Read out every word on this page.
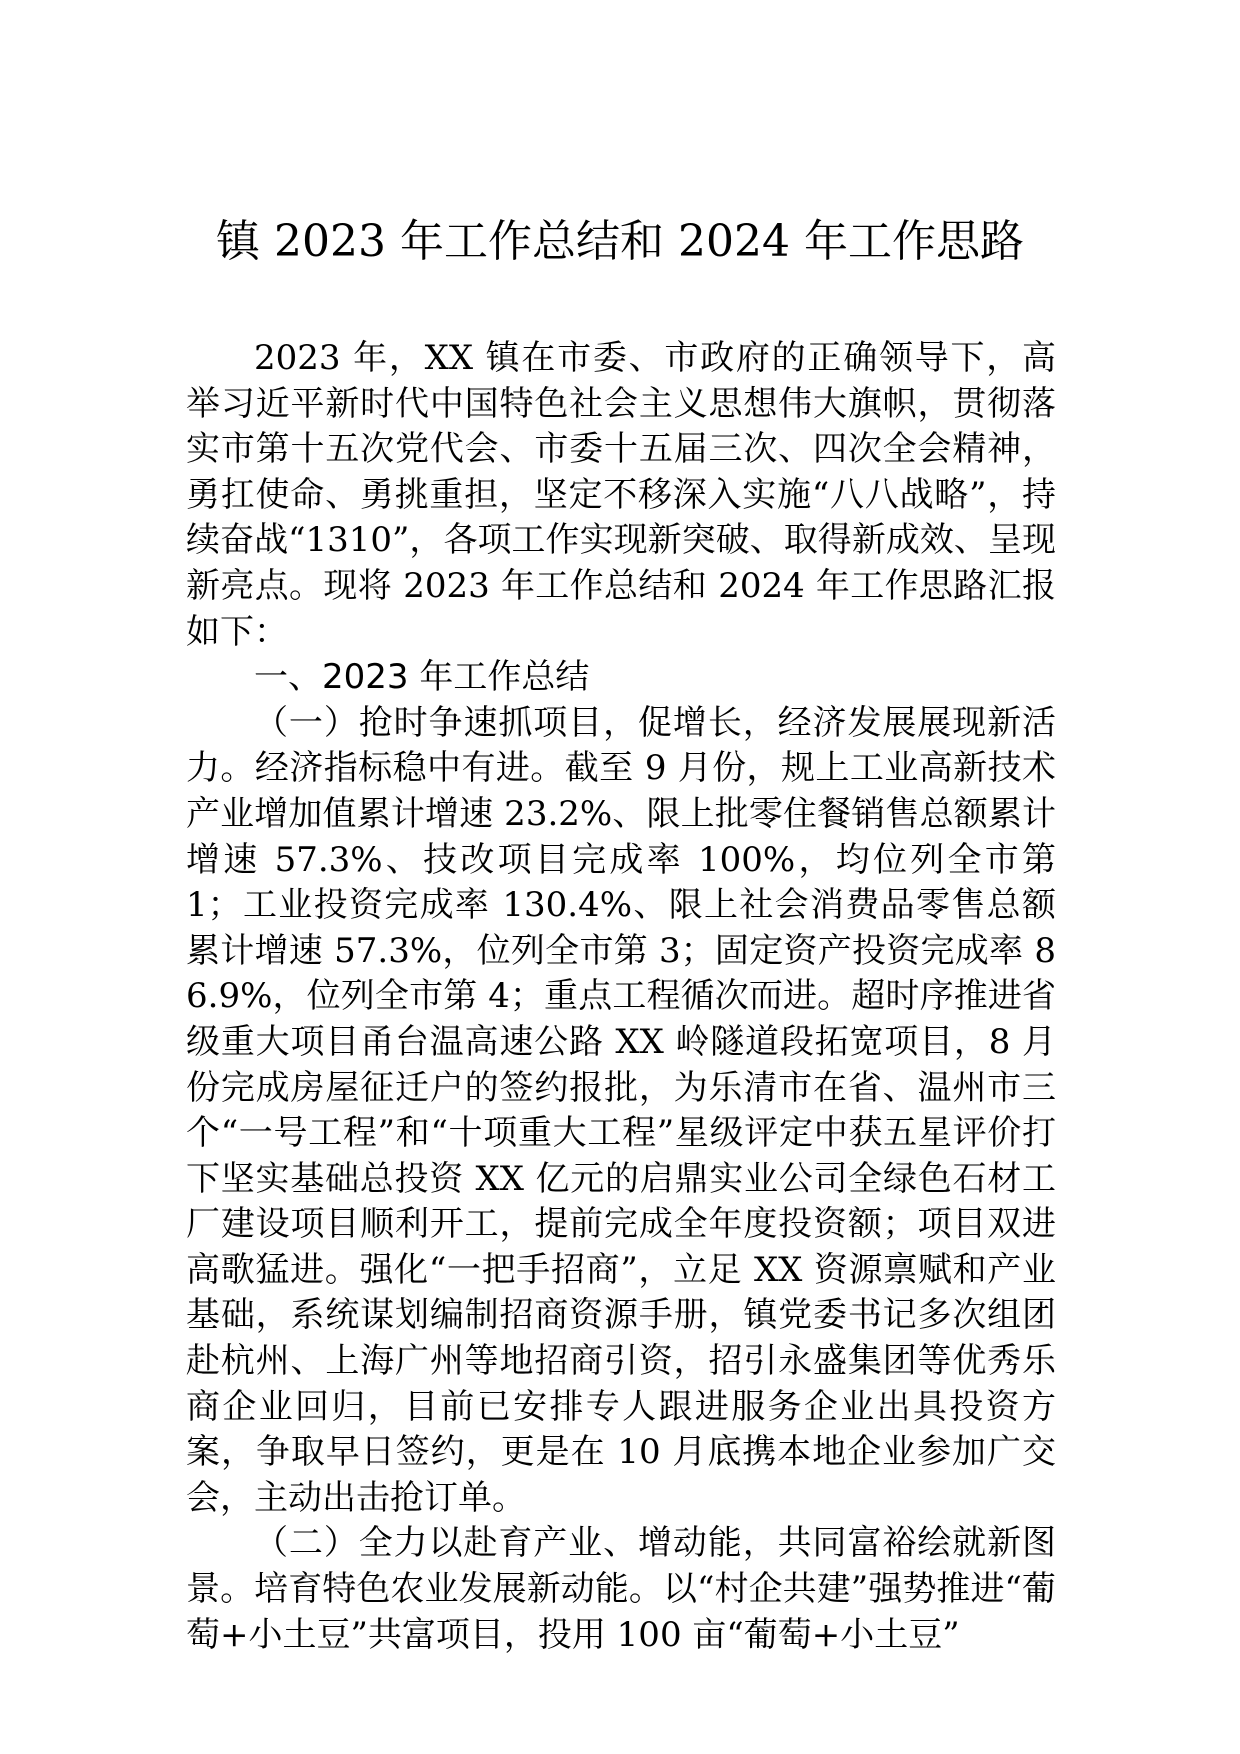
镇 2023 年工作总结和 2024 年工作思路

2023 年，XX 镇在市委、市政府的正确领导下，高举习近平新时代中国特色社会主义思想伟大旗帜，贯彻落实市第十五次党代会、市委十五届三次、四次全会精神，勇扛使命、勇挑重担，坚定不移深入实施“八八战略”，持续奋战“1310”，各项工作实现新突破、取得新成效、呈现新亮点。现将 2023 年工作总结和 2024 年工作思路汇报如下：

一、2023 年工作总结

（一）抢时争速抓项目，促增长，经济发展展现新活力。经济指标稳中有进。截至 9 月份，规上工业高新技术产业增加值累计增速 23.2%、限上批零住餐销售总额累计增速 57.3%、技改项目完成率 100%，均位列全市第 1；工业投资完成率 130.4%、限上社会消费品零售总额累计增速 57.3%，位列全市第 3；固定资产投资完成率 86.9%，位列全市第 4；重点工程循次而进。超时序推进省级重大项目甬台温高速公路 XX 岭隧道段拓宽项目，8 月份完成房屋征迁户的签约报批，为乐清市在省、温州市三个“一号工程”和“十项重大工程”星级评定中获五星评价打下坚实基础总投资 XX 亿元的启鼎实业公司全绿色石材工厂建设项目顺利开工，提前完成全年度投资额；项目双进高歌猛进。强化“一把手招商”，立足 XX 资源禀赋和产业基础，系统谋划编制招商资源手册，镇党委书记多次组团赴杭州、上海广州等地招商引资，招引永盛集团等优秀乐商企业回归，目前已安排专人跟进服务企业出具投资方案，争取早日签约，更是在 10 月底携本地企业参加广交会，主动出击抢订单。

（二）全力以赴育产业、增动能，共同富裕绘就新图景。培育特色农业发展新动能。以“村企共建”强势推进“葡萄+小土豆”共富项目，投用 100 亩“葡萄+小土豆”
